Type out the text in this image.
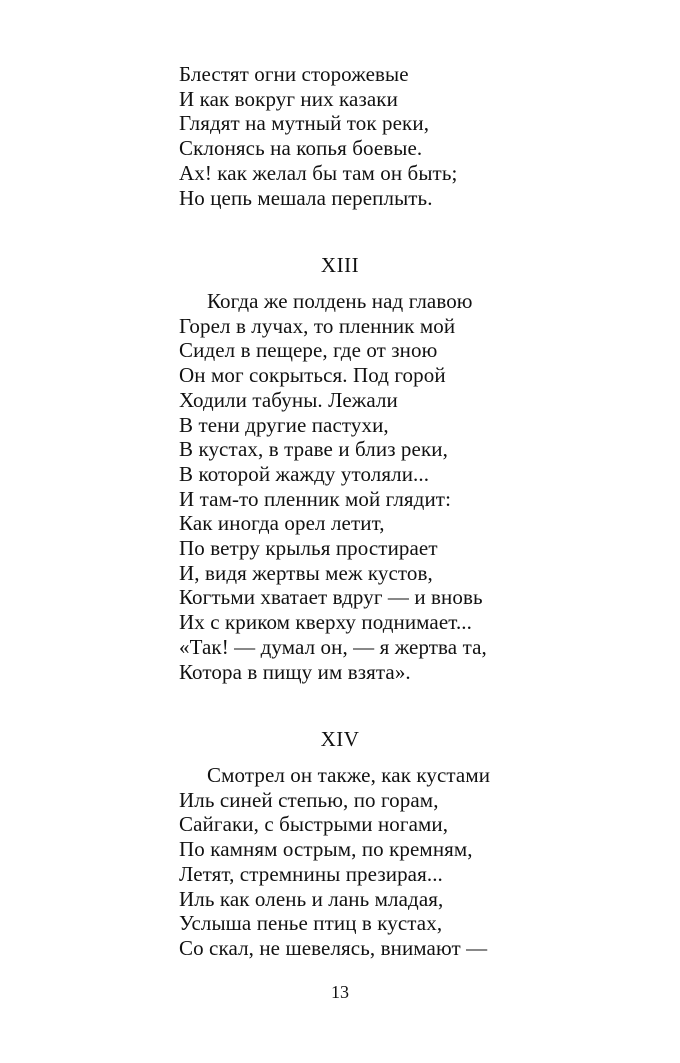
Блестят огни сторожевые
И как вокруг них казаки
Глядят на мутный ток реки,
Склонясь на копья боевые.
Ах! как желал бы там он быть;
Но цепь мешала переплыть.
XIII
Когда же полдень над главою
Горел в лучах, то пленник мой
Сидел в пещере, где от зною
Он мог сокрыться. Под горой
Ходили табуны. Лежали
В тени другие пастухи,
В кустах, в траве и близ реки,
В которой жажду утоляли...
И там-то пленник мой глядит:
Как иногда орел летит,
По ветру крылья простирает
И, видя жертвы меж кустов,
Когтьми хватает вдруг — и вновь
Их с криком кверху поднимает...
«Так! — думал он, — я жертва та,
Котора в пищу им взята».
XIV
Смотрел он также, как кустами
Иль синей степью, по горам,
Сайгаки, с быстрыми ногами,
По камням острым, по кремням,
Летят, стремнины презирая...
Иль как олень и лань младая,
Услыша пенье птиц в кустах,
Со скал, не шевелясь, внимают —
13
